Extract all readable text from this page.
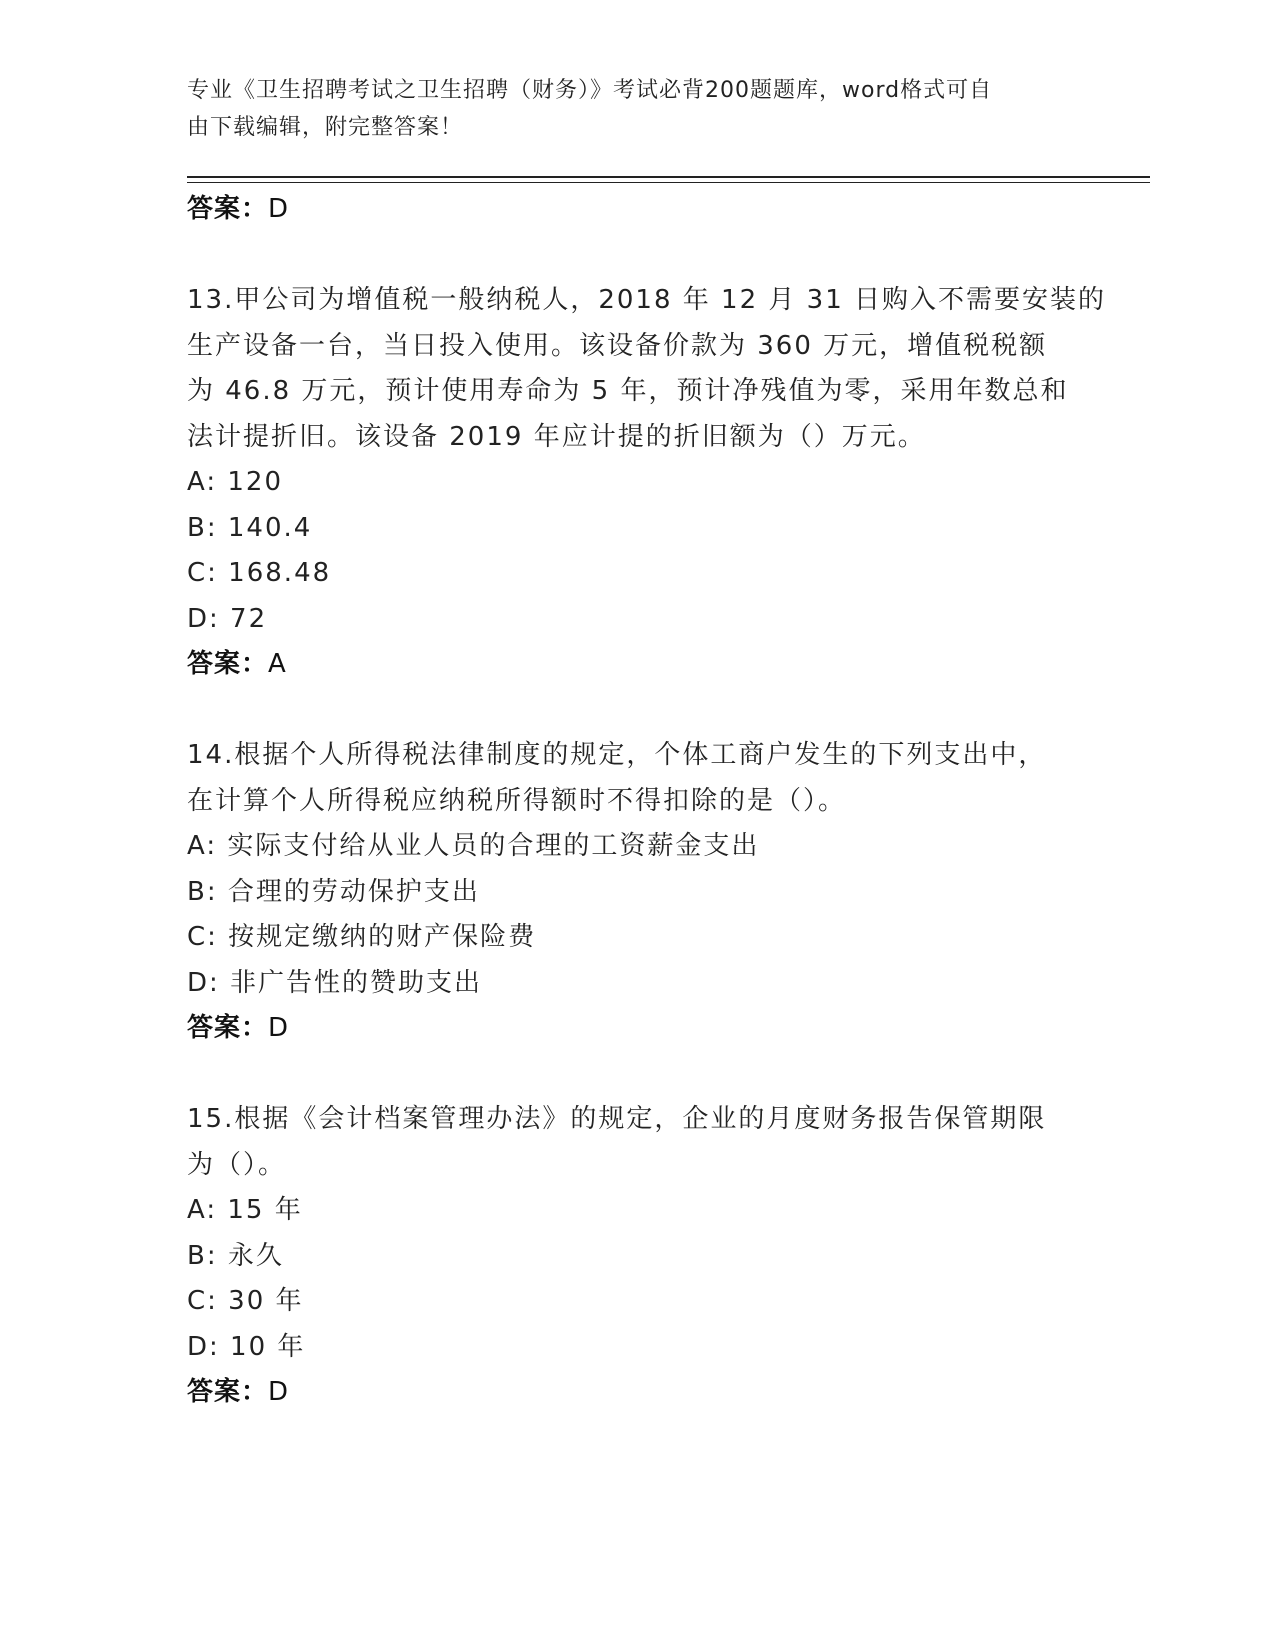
专业《卫生招聘考试之卫生招聘（财务）》考试必背200题题库，word格式可自
由下载编辑，附完整答案！
答案：D
13.甲公司为增值税一般纳税人，2018 年 12 月 31 日购入不需要安装的
生产设备一台，当日投入使用。该设备价款为 360 万元，增值税税额
为 46.8 万元，预计使用寿命为 5 年，预计净残值为零，采用年数总和
法计提折旧。该设备 2019 年应计提的折旧额为（）万元。
A: 120
B: 140.4
C: 168.48
D: 72
答案：A
14.根据个人所得税法律制度的规定，个体工商户发生的下列支出中，
在计算个人所得税应纳税所得额时不得扣除的是（）。
A: 实际支付给从业人员的合理的工资薪金支出
B: 合理的劳动保护支出
C: 按规定缴纳的财产保险费
D: 非广告性的赞助支出
答案：D
15.根据《会计档案管理办法》的规定，企业的月度财务报告保管期限
为（）。
A: 15 年
B: 永久
C: 30 年
D: 10 年
答案：D
